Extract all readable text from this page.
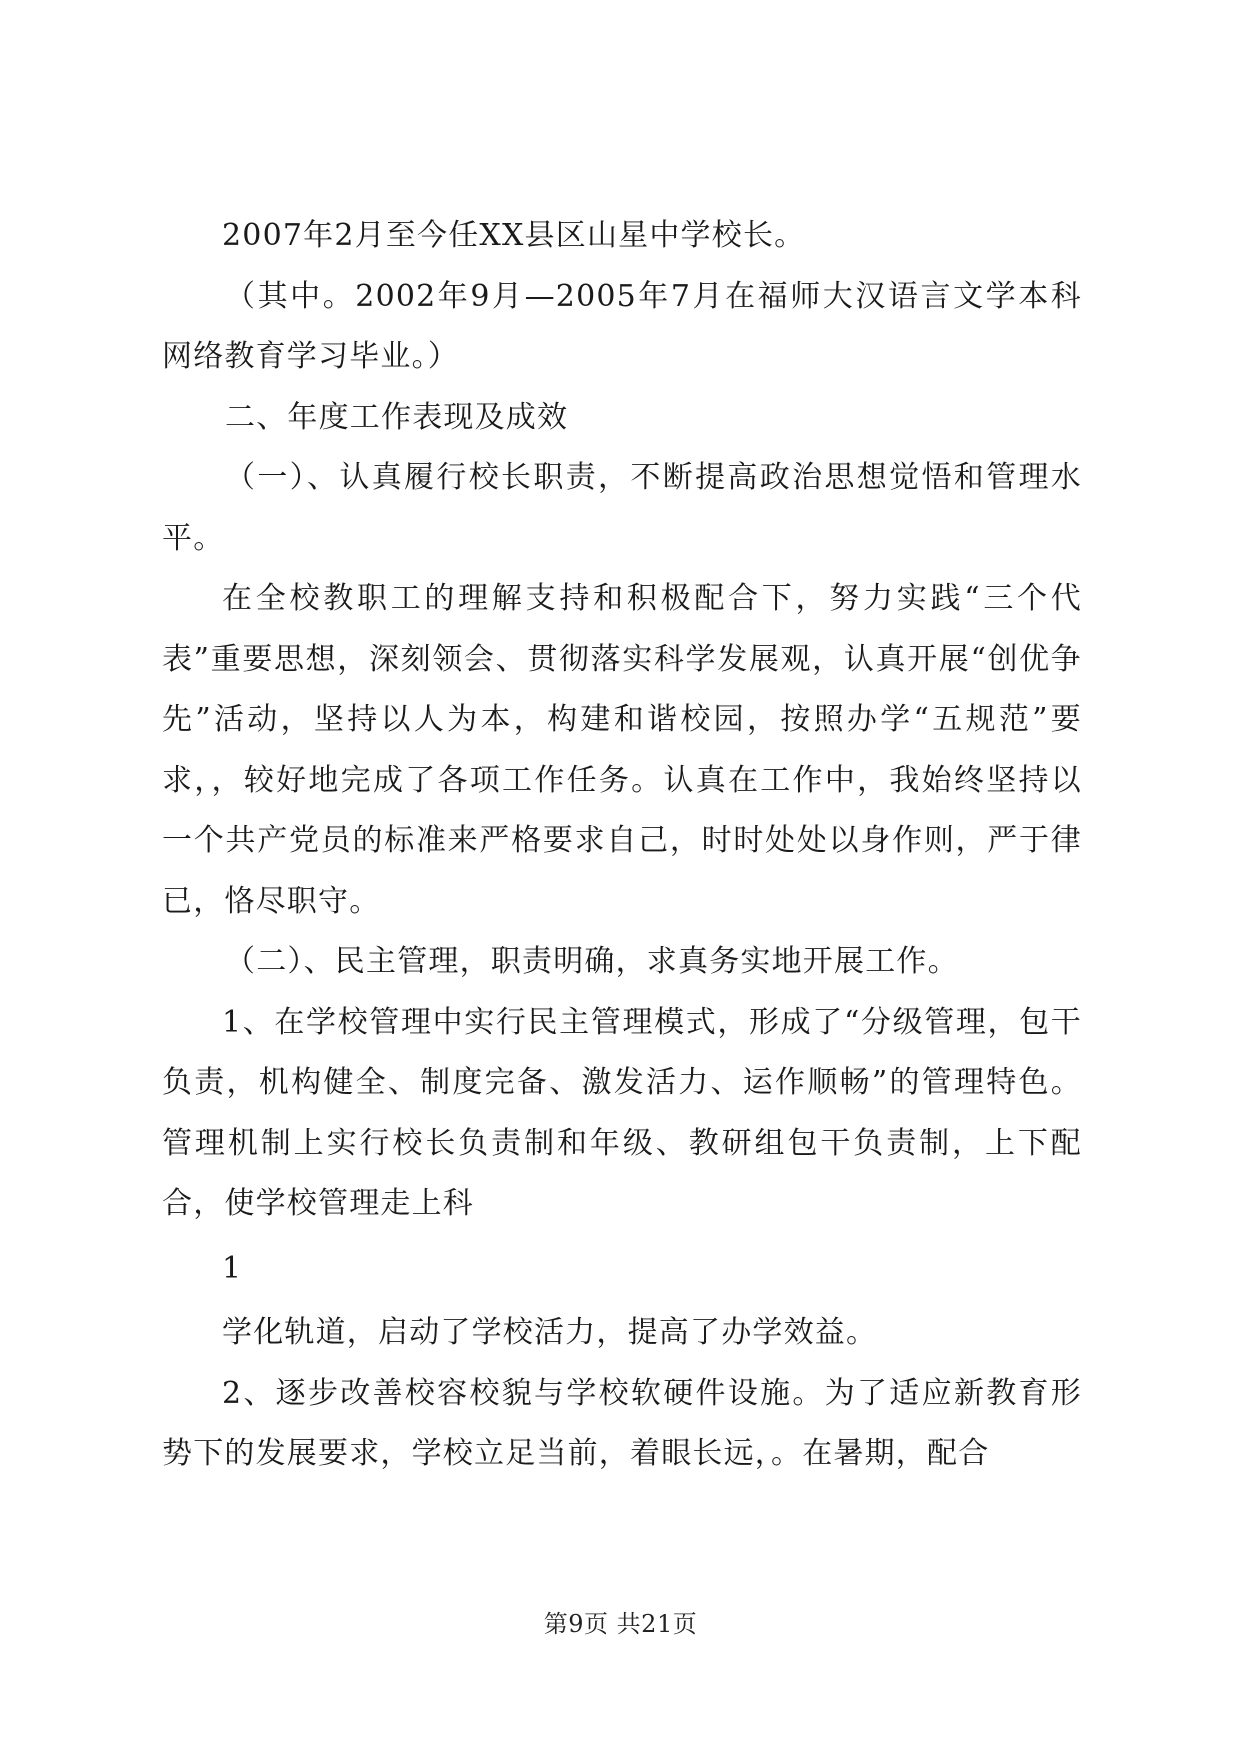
2007年2月至今任XX县区山星中学校长。

（其中。2002年9月—2005年7月在福师大汉语言文学本科网络教育学习毕业。）

二、年度工作表现及成效

（一）、认真履行校长职责，不断提高政治思想觉悟和管理水平。

在全校教职工的理解支持和积极配合下，努力实践“三个代表”重要思想，深刻领会、贯彻落实科学发展观，认真开展“创优争先”活动，坚持以人为本，构建和谐校园，按照办学“五规范”要求，，较好地完成了各项工作任务。认真在工作中，我始终坚持以一个共产党员的标准来严格要求自己，时时处处以身作则，严于律已，恪尽职守。

（二）、民主管理，职责明确，求真务实地开展工作。

1、在学校管理中实行民主管理模式，形成了“分级管理，包干负责，机构健全、制度完备、激发活力、运作顺畅”的管理特色。管理机制上实行校长负责制和年级、教研组包干负责制，上下配合，使学校管理走上科

1

学化轨道，启动了学校活力，提高了办学效益。

2、逐步改善校容校貌与学校软硬件设施。为了适应新教育形势下的发展要求，学校立足当前，着眼长远，。在暑期，配合

第9页 共21页
